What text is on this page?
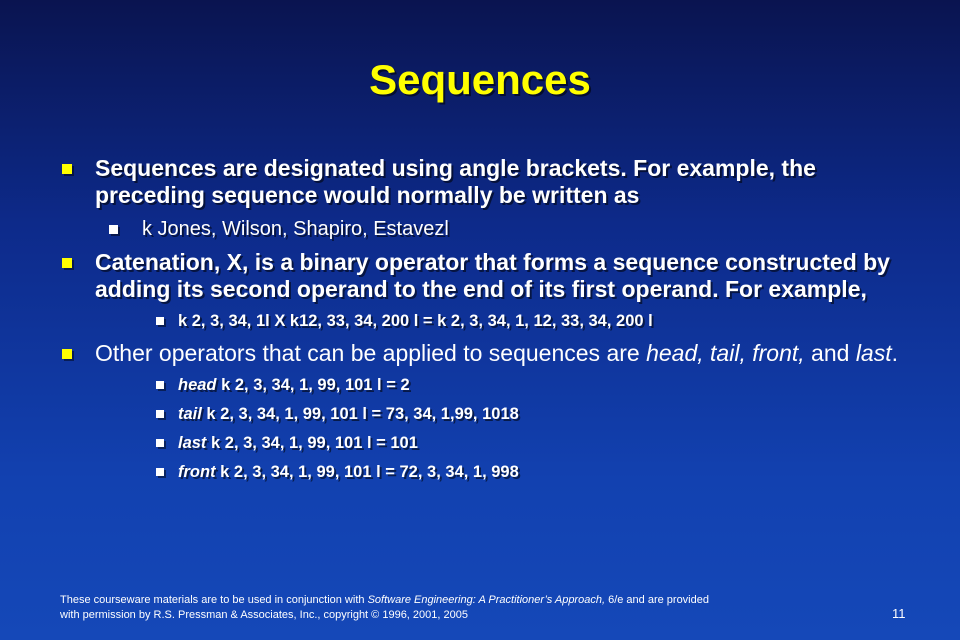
Sequences
Sequences are designated using angle brackets. For example, the preceding sequence would normally be written as
k Jones, Wilson, Shapiro, Estavezl
Catenation, X, is a binary operator that forms a sequence constructed by adding its second operand to the end of its first operand. For example,
k 2, 3, 34, 1l X k12, 33, 34, 200 l = k 2, 3, 34, 1, 12, 33, 34, 200 l
Other operators that can be applied to sequences are head, tail, front, and last.
head k 2, 3, 34, 1, 99, 101 l = 2
tail k 2, 3, 34, 1, 99, 101 l = 73, 34, 1,99, 1018
last k 2, 3, 34, 1, 99, 101 l = 101
front k 2, 3, 34, 1, 99, 101 l = 72, 3, 34, 1, 998
These courseware materials are to be used in conjunction with Software Engineering: A Practitioner’s Approach, 6/e and are provided
with permission by R.S. Pressman & Associates, Inc., copyright © 1996, 2001, 2005	11
